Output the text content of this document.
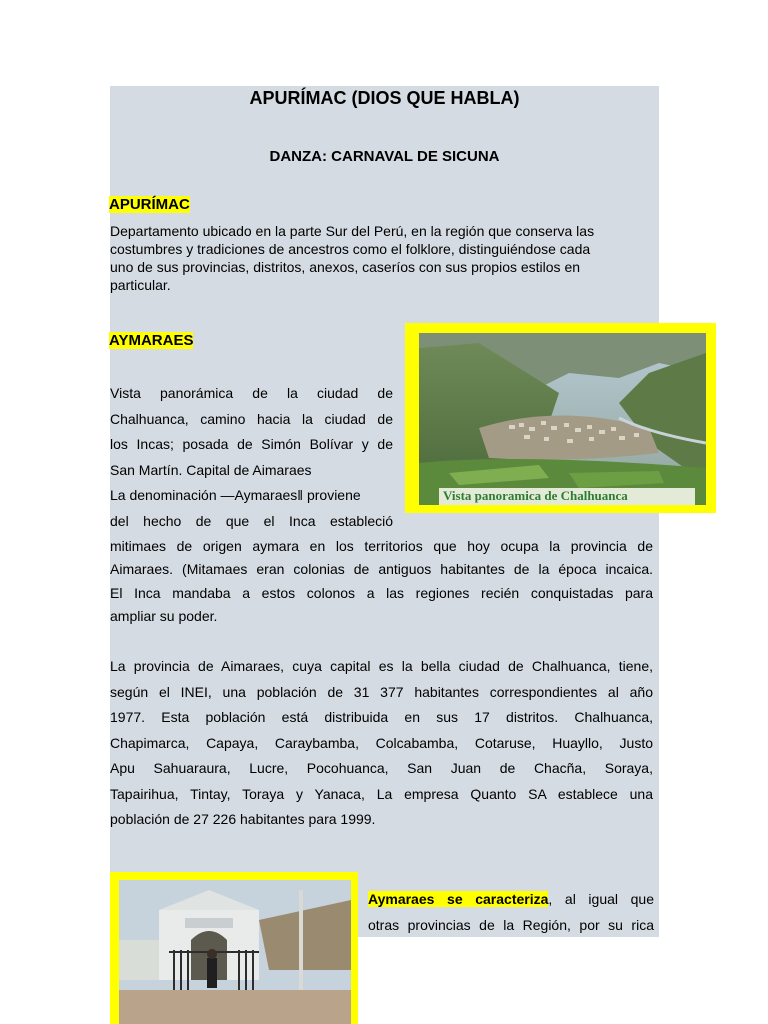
APURÍMAC (DIOS QUE HABLA)
DANZA: CARNAVAL DE SICUNA
APURÍMAC
Departamento ubicado en la parte Sur del Perú, en la región que conserva las
costumbres y tradiciones de ancestros como el folklore, distinguiéndose cada
uno de sus provincias, distritos, anexos, caseríos con sus propios estilos en
particular.
AYMARAES
Vista panorámica de la ciudad de
Chalhuanca, camino hacia la ciudad de
los Incas; posada de Simón Bolívar y de
San Martín. Capital de Aimaraes
La denominación —Aymaraesǁ proviene
del hecho de que el Inca estableció
mitimaes de origen aymara en los territorios que hoy ocupa la provincia de
Aimaraes. (Mitamaes eran colonias de antiguos habitantes de la época incaica.
El Inca mandaba a estos colonos a las regiones recién conquistadas para
ampliar su poder.
Vista panoramica de Chalhuanca
La provincia de Aimaraes, cuya capital es la bella ciudad de Chalhuanca, tiene,
según el INEI, una población de 31 377 habitantes correspondientes al año
1977. Esta población está distribuida en sus 17 distritos. Chalhuanca,
Chapimarca, Capaya, Caraybamba, Colcabamba, Cotaruse, Huayllo, Justo
Apu Sahuaraura, Lucre, Pocohuanca, San Juan de Chacña, Soraya,
Tapairihua, Tintay, Toraya y Yanaca, La empresa Quanto SA establece una
población de 27 226 habitantes para 1999.
Aymaraes se caracteriza, al igual que
otras provincias de la Región, por su rica
